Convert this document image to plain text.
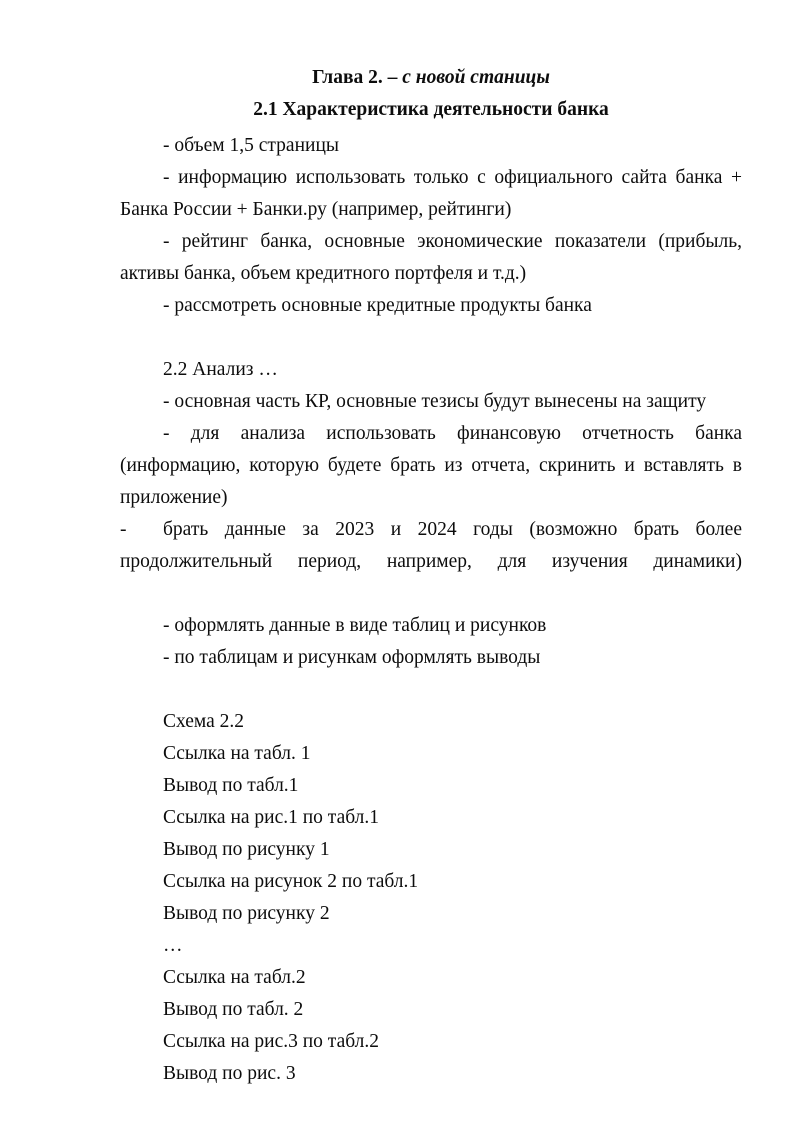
Глава 2. – с новой станицы
2.1 Характеристика деятельности банка

- объем 1,5 страницы

- информацию использовать только с официального сайта банка + Банка России + Банки.ру (например, рейтинги)

- рейтинг банка, основные экономические показатели (прибыль, активы банка, объем кредитного портфеля и т.д.)

- рассмотреть основные кредитные продукты банка

2.2 Анализ …

- основная часть КР, основные тезисы будут вынесены на защиту

- для анализа использовать финансовую отчетность банка (информацию, которую будете брать из отчета, скринить и вставлять в приложение)

- брать данные за 2023 и 2024 годы (возможно брать более продолжительный период, например, для изучения динамики)

- оформлять данные в виде таблиц и рисунков

- по таблицам и рисункам оформлять выводы

Схема 2.2

Ссылка на табл. 1

Вывод по табл.1

Ссылка на рис.1 по табл.1

Вывод по рисунку 1

Ссылка на рисунок 2 по табл.1

Вывод по рисунку 2

…

Ссылка на табл.2

Вывод по табл. 2

Ссылка на рис.3 по табл.2

Вывод по рис. 3
